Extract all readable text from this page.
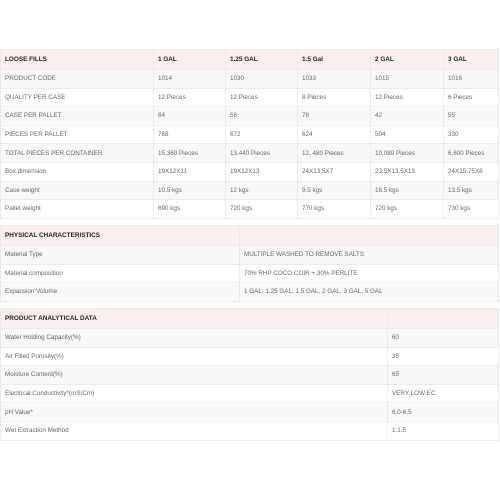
LOOSE FILLS	1 GAL	1.25 GAL	1.5 Gal	2 GAL	3 GAL
PRODUCT CODE	1014	1030	1033	1015	1016
QUALITY PER CASE	12 Pieces	12 Pieces	8 Pieces	12 Pieces	6 Pieces
CASE PER PALLET	64	56	78	42	55
PIECES PER PALLET	768	672	624	504	330
TOTAL PIECES PER CONTAINER	15,360 Pieces	13,440 Pieces	12, 480 Pieces	10,080 Pieces	6,600 Pieces
Box dimension	19X12X11	19X12X13	24X13.5X7	23.5X13.5X13	24X15.75X8
Case weight	10.5 kgs	12 kgs	9.5 kgs	16.5 kgs	13.5 kgs
Pallet weight	690 kgs	720 kgs	770 kgs	720 kgs	730 kgs
PHYSICAL CHARACTERISTICS	
Material Type	MULTIPLE WASHED TO REMOVE SALTS
Material composition	70% RHP COCO COIR + 30% PERLITE
Expansion Volume	1 GAL, 1.25 GAL, 1.5 GAL, 2 GAL, 3 GAL, 5 GAL
PRODUCT ANALYTICAL DATA	
Water Holding Capacity(%)	60
Air Filled Porosity(%)	35
Moisture Content(%)	65
Electrical Conductivity*(mS/Cm)	VERY LOW EC
pH Value*	6.0-6.5
Wet Extraction Method	1:1.5
